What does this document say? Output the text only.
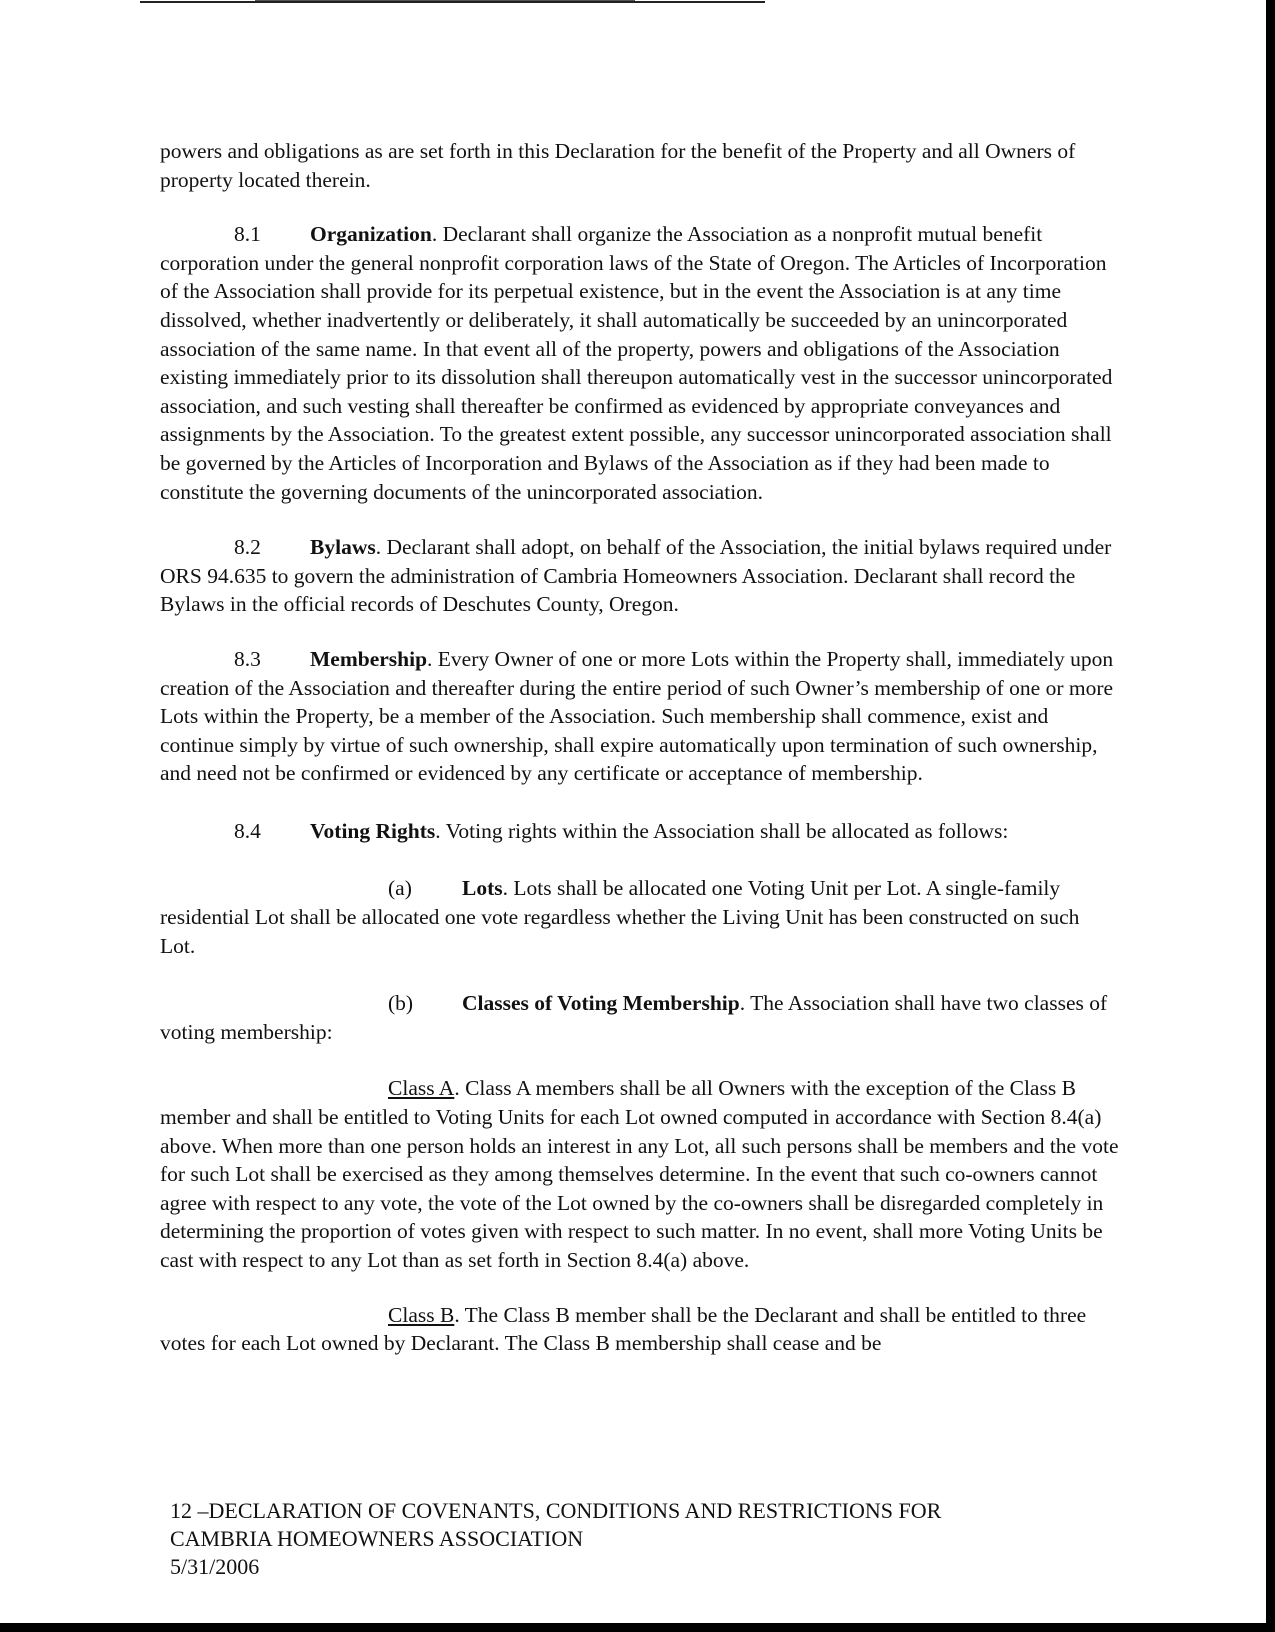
powers and obligations as are set forth in this Declaration for the benefit of the Property and all Owners of property located therein.

8.1 Organization. Declarant shall organize the Association as a nonprofit mutual benefit corporation under the general nonprofit corporation laws of the State of Oregon. The Articles of Incorporation of the Association shall provide for its perpetual existence, but in the event the Association is at any time dissolved, whether inadvertently or deliberately, it shall automatically be succeeded by an unincorporated association of the same name. In that event all of the property, powers and obligations of the Association existing immediately prior to its dissolution shall thereupon automatically vest in the successor unincorporated association, and such vesting shall thereafter be confirmed as evidenced by appropriate conveyances and assignments by the Association. To the greatest extent possible, any successor unincorporated association shall be governed by the Articles of Incorporation and Bylaws of the Association as if they had been made to constitute the governing documents of the unincorporated association.

8.2 Bylaws. Declarant shall adopt, on behalf of the Association, the initial bylaws required under ORS 94.635 to govern the administration of Cambria Homeowners Association. Declarant shall record the Bylaws in the official records of Deschutes County, Oregon.

8.3 Membership. Every Owner of one or more Lots within the Property shall, immediately upon creation of the Association and thereafter during the entire period of such Owner’s membership of one or more Lots within the Property, be a member of the Association. Such membership shall commence, exist and continue simply by virtue of such ownership, shall expire automatically upon termination of such ownership, and need not be confirmed or evidenced by any certificate or acceptance of membership.

8.4 Voting Rights. Voting rights within the Association shall be allocated as follows:

(a) Lots. Lots shall be allocated one Voting Unit per Lot. A single-family residential Lot shall be allocated one vote regardless whether the Living Unit has been constructed on such Lot.

(b) Classes of Voting Membership. The Association shall have two classes of voting membership:

Class A. Class A members shall be all Owners with the exception of the Class B member and shall be entitled to Voting Units for each Lot owned computed in accordance with Section 8.4(a) above. When more than one person holds an interest in any Lot, all such persons shall be members and the vote for such Lot shall be exercised as they among themselves determine. In the event that such co-owners cannot agree with respect to any vote, the vote of the Lot owned by the co-owners shall be disregarded completely in determining the proportion of votes given with respect to such matter. In no event, shall more Voting Units be cast with respect to any Lot than as set forth in Section 8.4(a) above.

Class B. The Class B member shall be the Declarant and shall be entitled to three votes for each Lot owned by Declarant. The Class B membership shall cease and be

12 –DECLARATION OF COVENANTS, CONDITIONS AND RESTRICTIONS FOR
CAMBRIA HOMEOWNERS ASSOCIATION
5/31/2006
